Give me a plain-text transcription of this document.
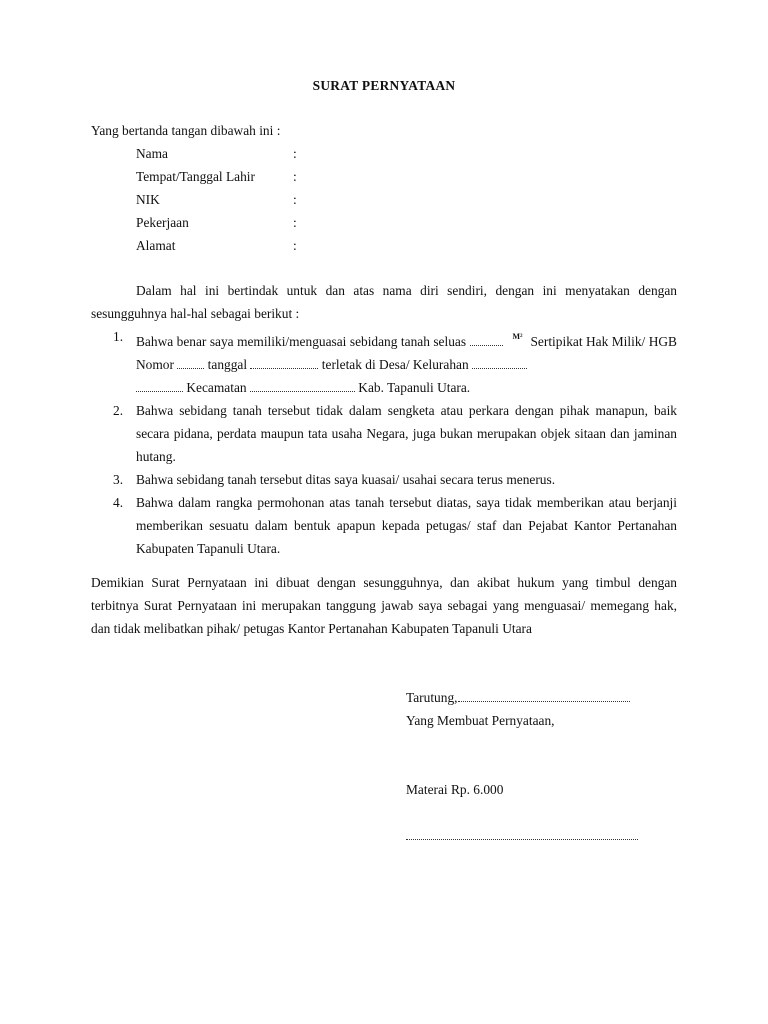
SURAT PERNYATAAN
Yang bertanda tangan dibawah ini :
Nama	:
Tempat/Tanggal Lahir	:
NIK	:
Pekerjaan	:
Alamat	:
Dalam hal ini bertindak untuk dan atas nama diri sendiri, dengan ini menyatakan dengan sesungguhnya hal-hal sebagai berikut :
1. Bahwa benar saya memiliki/menguasai sebidang tanah seluas	$^{M^2}$ Sertipikat Hak Milik/ HGB Nomor	tanggal	terletak di Desa/ Kelurahan
Kecamatan	Kab. Tapanuli Utara.
2. Bahwa sebidang tanah tersebut tidak dalam sengketa atau perkara dengan pihak manapun, baik secara pidana, perdata maupun tata usaha Negara, juga bukan merupakan objek sitaan dan jaminan hutang.
3. Bahwa sebidang tanah tersebut ditas saya kuasai/ usahai secara terus menerus.
4. Bahwa dalam rangka permohonan atas tanah tersebut diatas, saya tidak memberikan atau berjanji memberikan sesuatu dalam bentuk apapun kepada petugas/ staf dan Pejabat Kantor Pertanahan Kabupaten Tapanuli Utara.
Demikian Surat Pernyataan ini dibuat dengan sesungguhnya, dan akibat hukum yang timbul dengan terbitnya Surat Pernyataan ini merupakan tanggung jawab saya sebagai yang menguasai/ memegang hak, dan tidak melibatkan pihak/ petugas Kantor Pertanahan Kabupaten Tapanuli Utara
Tarutung,
Yang Membuat Pernyataan,
Materai Rp. 6.000
